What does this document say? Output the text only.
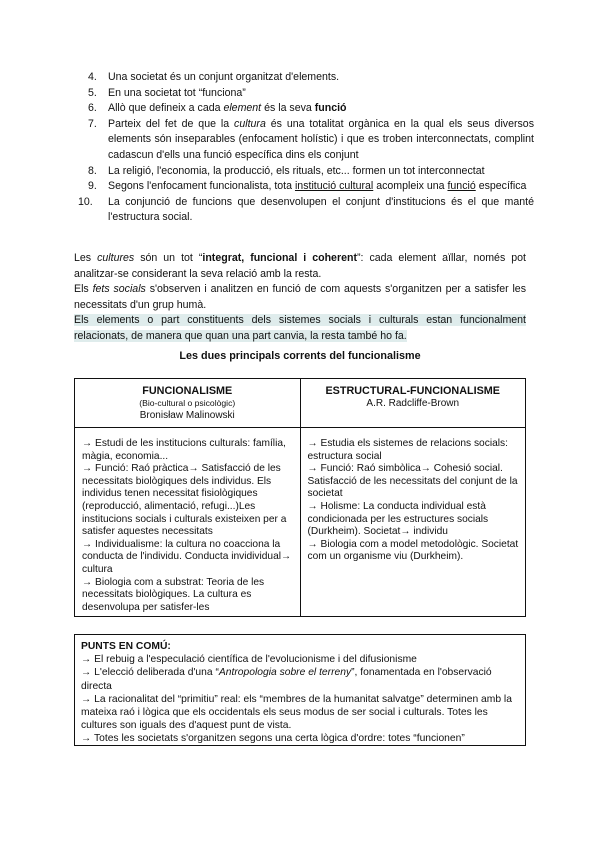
4. Una societat és un conjunt organitzat d'elements.
5. En una societat tot “funciona”
6. Allò que defineix a cada element és la seva funció
7. Parteix del fet de que la cultura és una totalitat orgànica en la qual els seus diversos elements són inseparables (enfocament holístic) i que es troben interconnectats, complint cadascun d'ells una funció específica dins els conjunt
8. La religió, l'economia, la producció, els rituals, etc... formen un tot interconnectat
9. Segons l'enfocament funcionalista, tota institució cultural acompleix una funció específica
10. La conjunció de funcions que desenvolupen el conjunt d'institucions és el que manté l'estructura social.

Les cultures són un tot “integrat, funcional i coherent”: cada element aïllar, només pot analitzar-se considerant la seva relació amb la resta.

Els fets socials s'observen i analitzen en funció de com aquests s'organitzen per a satisfer les necessitats d'un grup humà.

Els elements o part constituents dels sistemes socials i culturals estan funcionalment relacionats, de manera que quan una part canvia, la resta també ho fa.

Les dues principals corrents del funcionalisme
FUNCIONALISME
(Bio-cultural o psicològic)
Bronisław Malinowski
ESTRUCTURAL-FUNCIONALISME
A.R. Radcliffe-Brown

→ Estudi de les institucions culturals: família, màgia, economia...

→ Funció: Raó pràctica→ Satisfacció de les necessitats biològiques dels individus. Els individus tenen necessitat fisiològiques (reproducció, alimentació, refugi...)Les institucions socials i culturals existeixen per a satisfer aquestes necessitats

→ Individualisme: la cultura no coacciona la conducta de l'individu. Conducta invidividual→ cultura

→ Biologia com a substrat: Teoria de les necessitats biològiques. La cultura es desenvolupa per satisfer-les

→ Estudia els sistemes de relacions socials: estructura social

→ Funció: Raó simbòlica→ Cohesió social. Satisfacció de les necessitats del conjunt de la societat

→ Holisme: La conducta individual està condicionada per les estructures socials (Durkheim). Societat→ individu

→ Biologia com a model metodològic. Societat com un organisme viu (Durkheim).

PUNTS EN COMÚ:

→ El rebuig a l'especulació científica de l'evolucionisme i del difusionisme

→ L'elecció deliberada d'una “Antropologia sobre el terreny”, fonamentada en l'observació directa

→ La racionalitat del “primitiu” real: els “membres de la humanitat salvatge” determinen amb la mateixa raó i lògica que els occidentals els seus modus de ser social i culturals. Totes les cultures son iguals des d'aquest punt de vista.

→ Totes les societats s'organitzen segons una certa lògica d'ordre: totes “funcionen”
